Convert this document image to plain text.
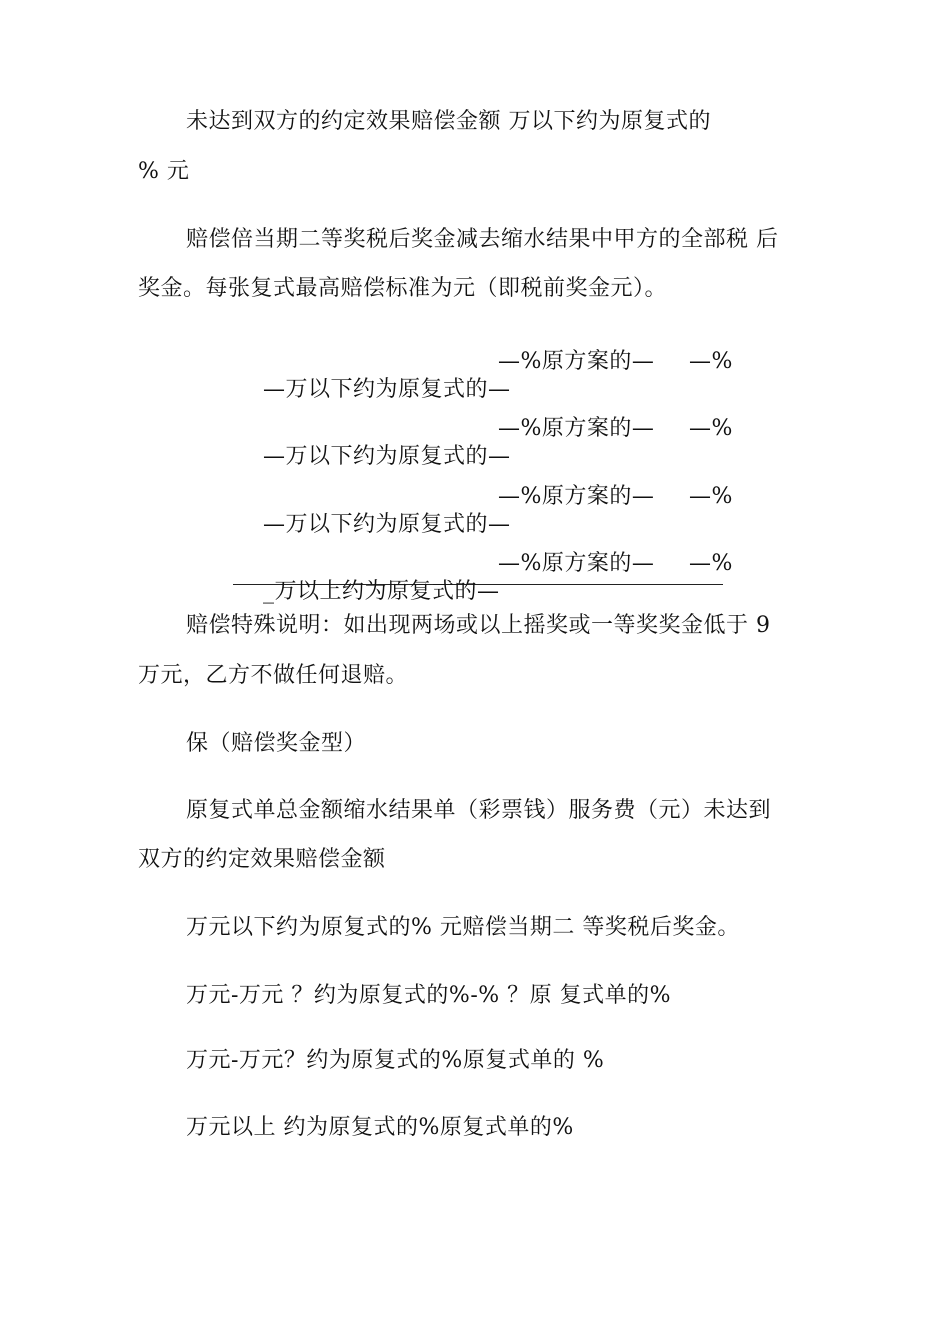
未达到双方的约定效果赔偿金额 万以下约为原复式的
% 元
赔偿倍当期二等奖税后奖金减去缩水结果中甲方的全部税 后
奖金。每张复式最高赔偿标准为元（即税前奖金元）。

—万以下约为原复式的—

—%原方案的—

—%

—万以下约为原复式的—

—%原方案的—

—%

—万以下约为原复式的—

—%原方案的—

—%

_万以上约为原复式的—

—%原方案的—

—%

赔偿特殊说明：如出现两场或以上摇奖或一等奖奖金低于 9
万元，乙方不做任何退赔。
保（赔偿奖金型）
原复式单总金额缩水结果单（彩票钱）服务费（元）未达到
双方的约定效果赔偿金额
万元以下约为原复式的% 元赔偿当期二 等奖税后奖金。
万元-万元 ？约为原复式的%-% ？原 复式单的%
万元-万元？约为原复式的%原复式单的 %
万元以上 约为原复式的%原复式单的%
